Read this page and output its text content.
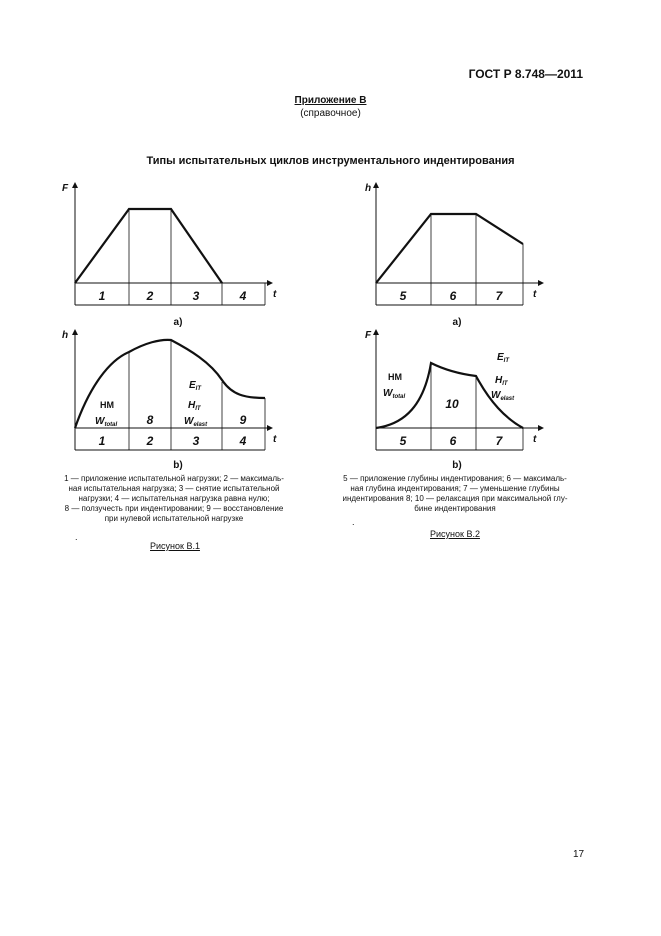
ГОСТ Р 8.748—2011
Приложение В
(справочное)
Типы испытательных циклов инструментального индентирования
F
t
1	2	3	4
а)
h
t
5	6	7
а)
h
t
HM
$W_{total}$ 8
$E_{IT}$
$H_{IT}$
$W_{elast}$	9
1	2	3	4
b)
F
t
HM
$W_{total}$	10
$E_{IT}$
$H_{IT}$
$W_{elast}$
5	6	7
b)
1 — приложение испытательной нагрузки; 2 — максималь-
ная испытательная нагрузка; 3 — снятие испытательной
нагрузки; 4 — испытательная нагрузка равна нулю;
8 — ползучесть при индентировании; 9 — восстановление
при нулевой испытательной нагрузке
5 — приложение глубины индентирования; 6 — максималь-
ная глубина индентирования; 7 — уменьшение глубины
индентирования 8; 10 — релаксация при максимальной глу-
бине индентирования
.
.
Рисунок В.1
Рисунок В.2
17
